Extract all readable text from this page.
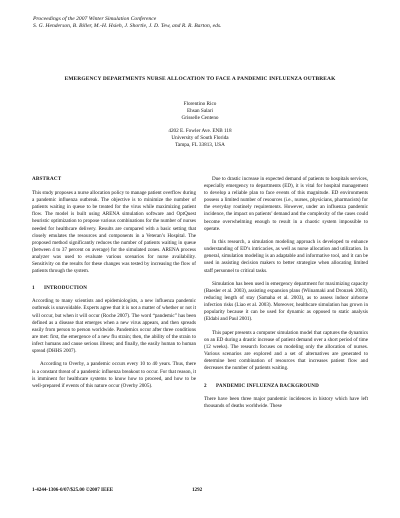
Proceedings of the 2007 Winter Simulation Conference
S. G. Henderson, B. Biller, M.-H. Hsieh, J. Shortle, J. D. Tew, and R. R. Barton, eds.
EMERGENCY DEPARTMENTS NURSE ALLOCATION TO FACE A PANDEMIC INFLUENZA OUTBREAK
Florentino Rico
Ehsan Salari
Grisselle Centeno
4202 E. Fowler Ave. ENB 118
University of South Florida
Tampa, FL 33813, USA
ABSTRACT

This study proposes a nurse allocation policy to manage patient overflow during a pandemic influenza outbreak. The objective is to minimize the number of patients waiting in queue to be treated for the virus while maximizing patient flow. The model is built using ARENA simulation software and OptQuest heuristic optimization to propose various combinations for the number of nurses needed for healthcare delivery. Results are compared with a basic setting that closely emulates the resources and components in a Veteran’s Hospital. The proposed method significantly reduces the number of patients waiting in queue (between 4 to 37 percent on average) for the simulated zones. ARENA process analyzer was used to evaluate various scenarios for nurse availability. Sensitivity on the results for these changes was tested by increasing the flow of patients through the system.

1 INTRODUCTION

According to many scientists and epidemiologists, a new influenza pandemic outbreak is unavoidable. Experts agree that it is not a matter of whether or not it will occur, but when it will occur (Roche 2007). The word “pandemic” has been defined as a disease that emerges when a new virus appears, and then spreads easily from person to person worldwide. Pandemics occur after three conditions are met: first, the emergence of a new flu strain; then, the ability of the strain to infect humans and cause serious illness; and finally, the easily human to human spread (DHHS 2007).

According to Overby, a pandemic occurs every 10 to 40 years. Thus, there is a constant threat of a pandemic influenza breakout to occur. For that reason, it is imminent for healthcare systems to know how to proceed, and how to be well-prepared if events of this nature occur (Overby 2005).

Due to drastic increase in expected demand of patients to hospitals services, especially emergency to departments (ED), it is vital for hospital management to develop a reliable plan to face events of this magnitude. ED environments possess a limited number of resources (i.e., nurses, physicians, pharmacists) for the everyday routinely requirements. However, under an influenza pandemic incidence, the impact on patients’ demand and the complexity of the cases could become overwhelming enough to result in a chaotic system impossible to operate.

In this research, a simulation modeling approach is developed to enhance understanding of ED’s intricacies, as well as nurse allocation and utilization. In general, simulation modeling is an adaptable and informative tool, and it can be used in assisting decision makers to better strategize when allocating limited staff personnel to critical tasks.

Simulation has been used in emergency department for maximizing capacity (Baesler et al. 2003), assisting expansion plans (Wiinamaki and Dronzek 2003), reducing length of stay (Samaha et al. 2003), as to assess indoor airborne infection risks (Liao et al. 2003). Moreover, healthcare simulation has grown in popularity because it can be used for dynamic as opposed to static analysis (Eldabi and Paul 2001).

This paper presents a computer simulation model that captures the dynamics on an ED during a drastic increase of patient demand over a short period of time (12 weeks). The research focuses on modeling only the allocation of nurses. Various scenarios are explored and a set of alternatives are generated to determine best combination of resources that increases patient flow and decreases the number of patients waiting.

2 PANDEMIC INFLUENZA BACKGROUND

There have been three major pandemic incidences in history which have left thousands of deaths worldwide. These

1-4244-1306-0/07/$25.00 ©2007 IEEE	1292
